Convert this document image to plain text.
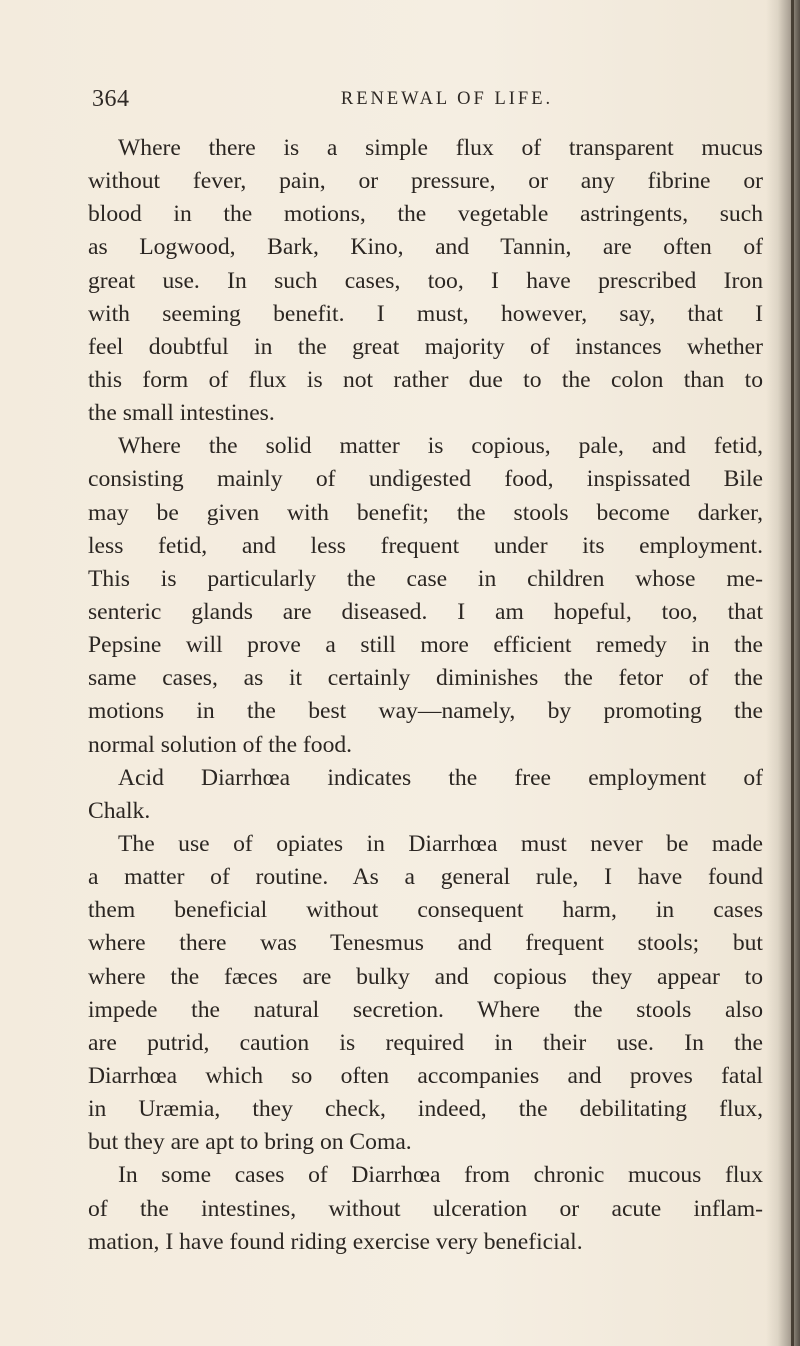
364	RENEWAL OF LIFE.
Where there is a simple flux of transparent mucus
without fever, pain, or pressure, or any fibrine or
blood in the motions, the vegetable astringents, such
as Logwood, Bark, Kino, and Tannin, are often of
great use. In such cases, too, I have prescribed Iron
with seeming benefit. I must, however, say, that I
feel doubtful in the great majority of instances whether
this form of flux is not rather due to the colon than to
the small intestines.
Where the solid matter is copious, pale, and fetid,
consisting mainly of undigested food, inspissated Bile
may be given with benefit; the stools become darker,
less fetid, and less frequent under its employment.
This is particularly the case in children whose me-
senteric glands are diseased. I am hopeful, too, that
Pepsine will prove a still more efficient remedy in the
same cases, as it certainly diminishes the fetor of the
motions in the best way—namely, by promoting the
normal solution of the food.
Acid Diarrhœa indicates the free employment of
Chalk.
The use of opiates in Diarrhœa must never be made
a matter of routine. As a general rule, I have found
them beneficial without consequent harm, in cases
where there was Tenesmus and frequent stools; but
where the fæces are bulky and copious they appear to
impede the natural secretion. Where the stools also
are putrid, caution is required in their use. In the
Diarrhœa which so often accompanies and proves fatal
in Uræmia, they check, indeed, the debilitating flux,
but they are apt to bring on Coma.
In some cases of Diarrhœa from chronic mucous flux
of the intestines, without ulceration or acute inflam-
mation, I have found riding exercise very beneficial.
